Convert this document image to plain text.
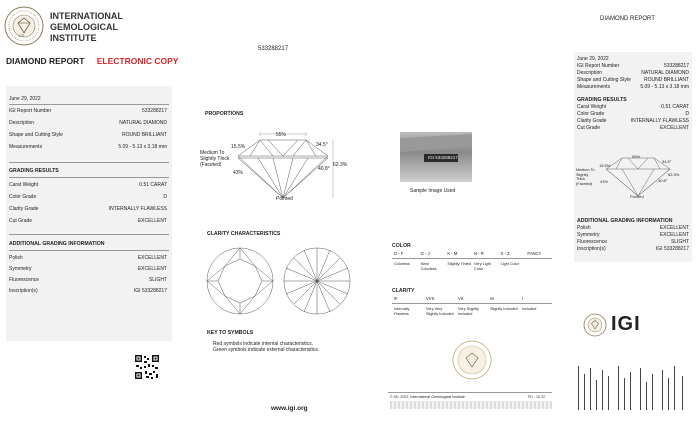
IGI
INTERNATIONAL
GEMOLOGICAL
INSTITUTE
DIAMOND REPORT ELECTRONIC COPY
533288217
June 29, 2022
IGI Report Number	533288217
Description	NATURAL DIAMOND
Shape and Cutting Style	ROUND BRILLIANT
Measurements	5.09 - 5.13 x 3.18 mm
GRADING RESULTS
Carat Weight	0.51 CARAT
Color Grade	D
Clarity Grade	INTERNALLY FLAWLESS
Cut Grade	EXCELLENT
ADDITIONAL GRADING INFORMATION
Polish	EXCELLENT
Symmetry	EXCELLENT
Fluorescence	SLIGHT
Inscription(s)	IGI 533288217
PROPORTIONS
55%
34.5°
62.3%
40.8°
15.5%
43%
Pointed
Medium To Slightly Thick (Faceted)
IGI 533288217
Sample Image Used
CLARITY CHARACTERISTICS
KEY TO SYMBOLS
Red symbols indicate internal characteristics.
Green symbols indicate external characteristics.
www.igi.org
COLOR
D - F
Colorless
G - J
Near Colorless
K - M
Slightly Tinted
N - R
Very Light Color
S - Z
Light Color
FANCY
CLARITY
IF
Internally Flawless
VVS
Very Very Slightly Included
VS
Very Slightly Included
SI
Slightly Included
I
Included
© IGI, 2022, International Gemological Institute	FD - 10.22
DIAMOND REPORT
June 29, 2022
IGI Report Number	533288217
Description	NATURAL DIAMOND
Shape and Cutting Style	ROUND BRILLIANT
Measurements	5.09 - 5.13 x 3.18 mm
GRADING RESULTS
Carat Weight	0.51 CARAT
Color Grade	D
Clarity Grade	INTERNALLY FLAWLESS
Cut Grade	EXCELLENT
ADDITIONAL GRADING INFORMATION
Polish	EXCELLENT
Symmetry	EXCELLENT
Fluorescence	SLIGHT
Inscription(s)	IGI 533288217
55%
34.5°
62.3%
40.8°
15.5%
43%
Pointed
Medium To Slightly Thick (Faceted)
IGI
